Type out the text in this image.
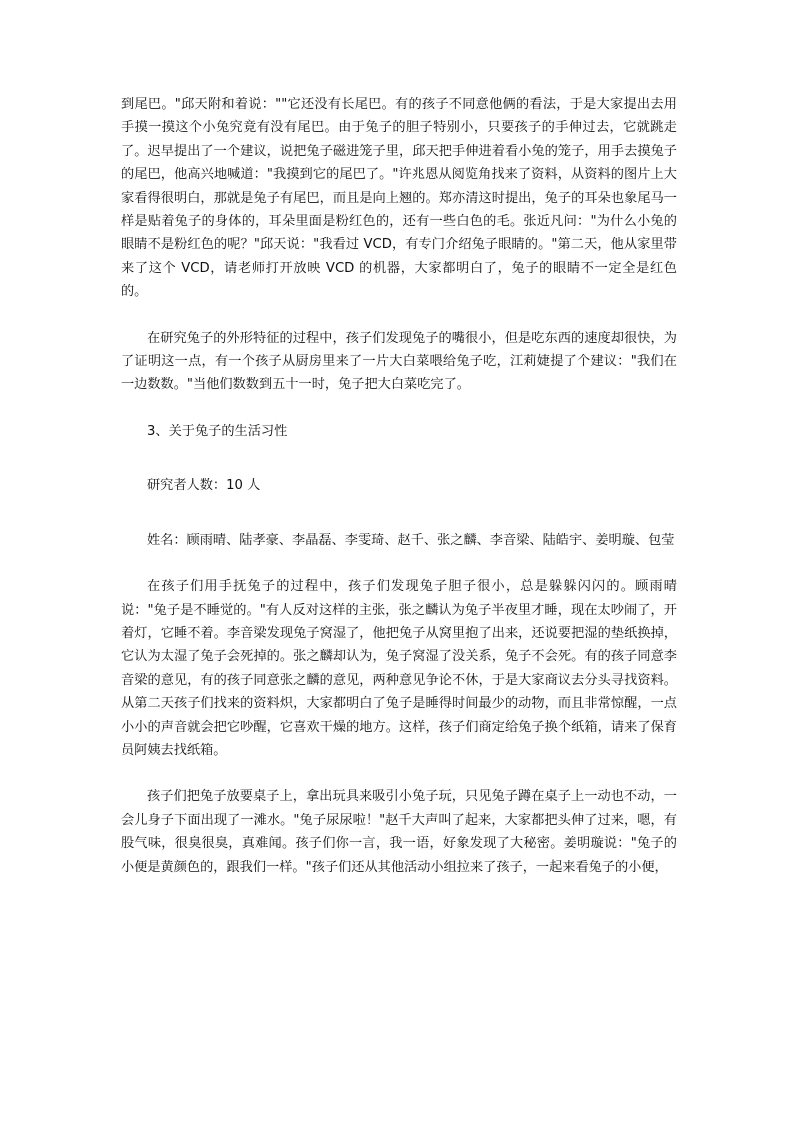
到尾巴。"邱天附和着说：""它还没有长尾巴。有的孩子不同意他俩的看法，于是大家提出去用手摸一摸这个小兔究竟有没有尾巴。由于兔子的胆子特别小，只要孩子的手伸过去，它就跳走了。迟早提出了一个建议，说把兔子磁进笼子里，邱天把手伸进着看小兔的笼子，用手去摸兔子的尾巴，他高兴地喊道："我摸到它的尾巴了。"许兆恩从阅览角找来了资料，从资料的图片上大家看得很明白，那就是兔子有尾巴，而且是向上翘的。郑亦清这时提出，兔子的耳朵也象尾马一样是贴着兔子的身体的，耳朵里面是粉红色的，还有一些白色的毛。张近凡问："为什么小兔的眼睛不是粉红色的呢？"邱天说："我看过 VCD，有专门介绍兔子眼睛的。"第二天，他从家里带来了这个 VCD，请老师打开放映 VCD 的机器，大家都明白了，兔子的眼睛不一定全是红色的。

在研究兔子的外形特征的过程中，孩子们发现兔子的嘴很小，但是吃东西的速度却很快，为了证明这一点，有一个孩子从厨房里来了一片大白菜喂给兔子吃，江莉婕提了个建议："我们在一边数数。"当他们数数到五十一时，兔子把大白菜吃完了。

3、关于兔子的生活习性

研究者人数：10 人

姓名：顾雨晴、陆孝豪、李晶磊、李雯琦、赵千、张之麟、李音梁、陆皓宇、姜明璇、包莹

在孩子们用手抚兔子的过程中，孩子们发现兔子胆子很小，总是躲躲闪闪的。顾雨晴说："兔子是不睡觉的。"有人反对这样的主张，张之麟认为兔子半夜里才睡，现在太吵闹了，开着灯，它睡不着。李音梁发现兔子窝湿了，他把兔子从窝里抱了出来，还说要把湿的垫纸换掉，它认为太湿了兔子会死掉的。张之麟却认为，兔子窝湿了没关系，兔子不会死。有的孩子同意李音梁的意见，有的孩子同意张之麟的意见，两种意见争论不休，于是大家商议去分头寻找资料。从第二天孩子们找来的资料炽，大家都明白了兔子是睡得时间最少的动物，而且非常惊醒，一点小小的声音就会把它吵醒，它喜欢干燥的地方。这样，孩子们商定给兔子换个纸箱，请来了保育员阿姨去找纸箱。

孩子们把兔子放要桌子上，拿出玩具来吸引小兔子玩，只见兔子蹲在桌子上一动也不动，一会儿身子下面出现了一滩水。"兔子尿尿啦！"赵千大声叫了起来，大家都把头伸了过来，嗯，有股气味，很臭很臭，真难闻。孩子们你一言，我一语，好象发现了大秘密。姜明璇说："兔子的小便是黄颜色的，跟我们一样。"孩子们还从其他活动小组拉来了孩子，一起来看兔子的小便，
